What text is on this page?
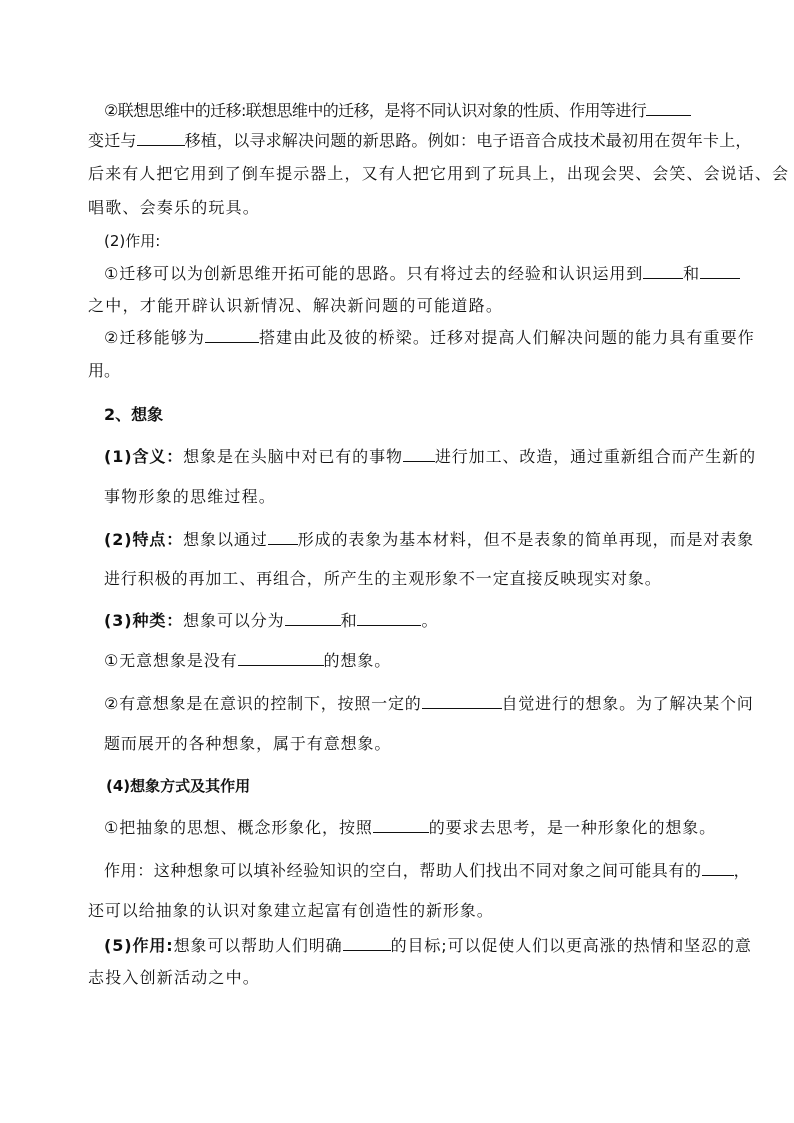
②联想思维中的迁移:联想思维中的迁移，是将不同认识对象的性质、作用等进行
变迁与	移植，以寻求解决问题的新思路。例如：电子语音合成技术最初用在贺年卡上，
后来有人把它用到了倒车提示器上，又有人把它用到了玩具上，出现会哭、会笑、会说话、会
唱歌、会奏乐的玩具。
(2)作用:
①迁移可以为创新思维开拓可能的思路。只有将过去的经验和认识运用到	和
之中，才能开辟认识新情况、解决新问题的可能道路。
②迁移能够为	搭建由此及彼的桥梁。迁移对提高人们解决问题的能力具有重要作
用。
2、想象
(1)含义：想象是在头脑中对已有的事物 进行加工、改造，通过重新组合而产生新的
事物形象的思维过程。
(2)特点：想象以通过 形成的表象为基本材料，但不是表象的简单再现，而是对表象
进行积极的再加工、再组合，所产生的主观形象不一定直接反映现实对象。
(3)种类：想象可以分为	和	。
①无意想象是没有	的想象。
②有意想象是在意识的控制下，按照一定的	自觉进行的想象。为了解决某个问
题而展开的各种想象，属于有意想象。
(4)想象方式及其作用
①把抽象的思想、概念形象化，按照	的要求去思考，是一种形象化的想象。
作用：这种想象可以填补经验知识的空白，帮助人们找出不同对象之间可能具有的 ，
还可以给抽象的认识对象建立起富有创造性的新形象。
(5)作用:想象可以帮助人们明确	的目标;可以促使人们以更高涨的热情和坚忍的意
志投入创新活动之中。
